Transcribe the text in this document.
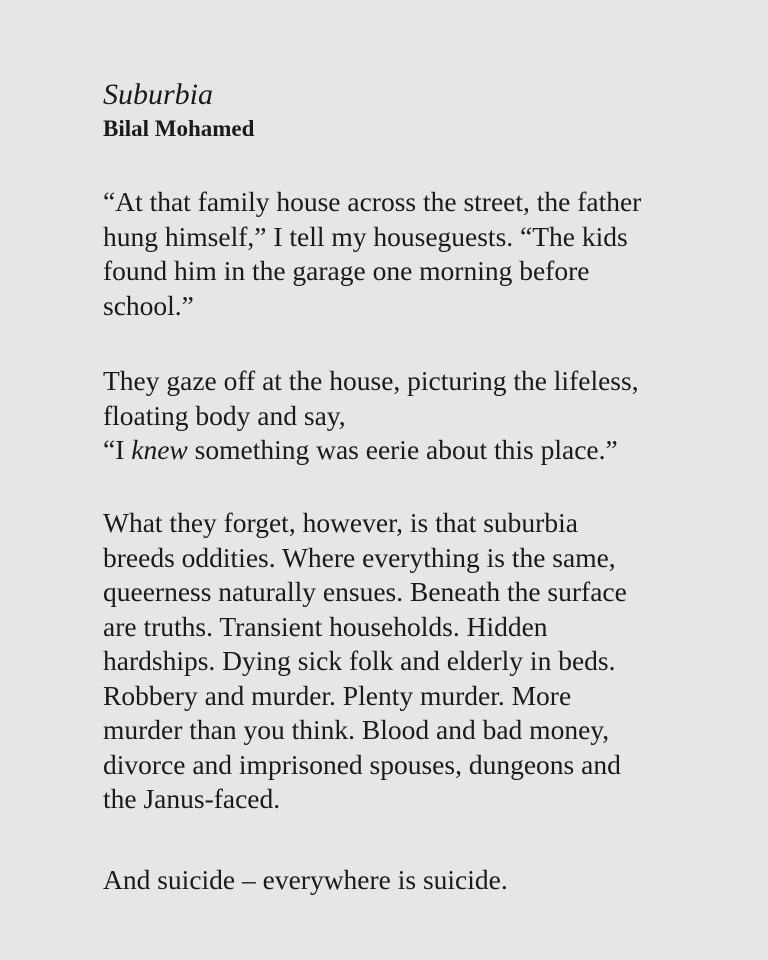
Suburbia
Bilal Mohamed

“At that family house across the street, the father
hung himself,” I tell my houseguests. “The kids
found him in the garage one morning before
school.”

They gaze off at the house, picturing the lifeless,
floating body and say,
“I knew something was eerie about this place.”

What they forget, however, is that suburbia
breeds oddities. Where everything is the same,
queerness naturally ensues. Beneath the surface
are truths. Transient households. Hidden
hardships. Dying sick folk and elderly in beds.
Robbery and murder. Plenty murder. More
murder than you think. Blood and bad money,
divorce and imprisoned spouses, dungeons and
the Janus-faced.

And suicide – everywhere is suicide.
